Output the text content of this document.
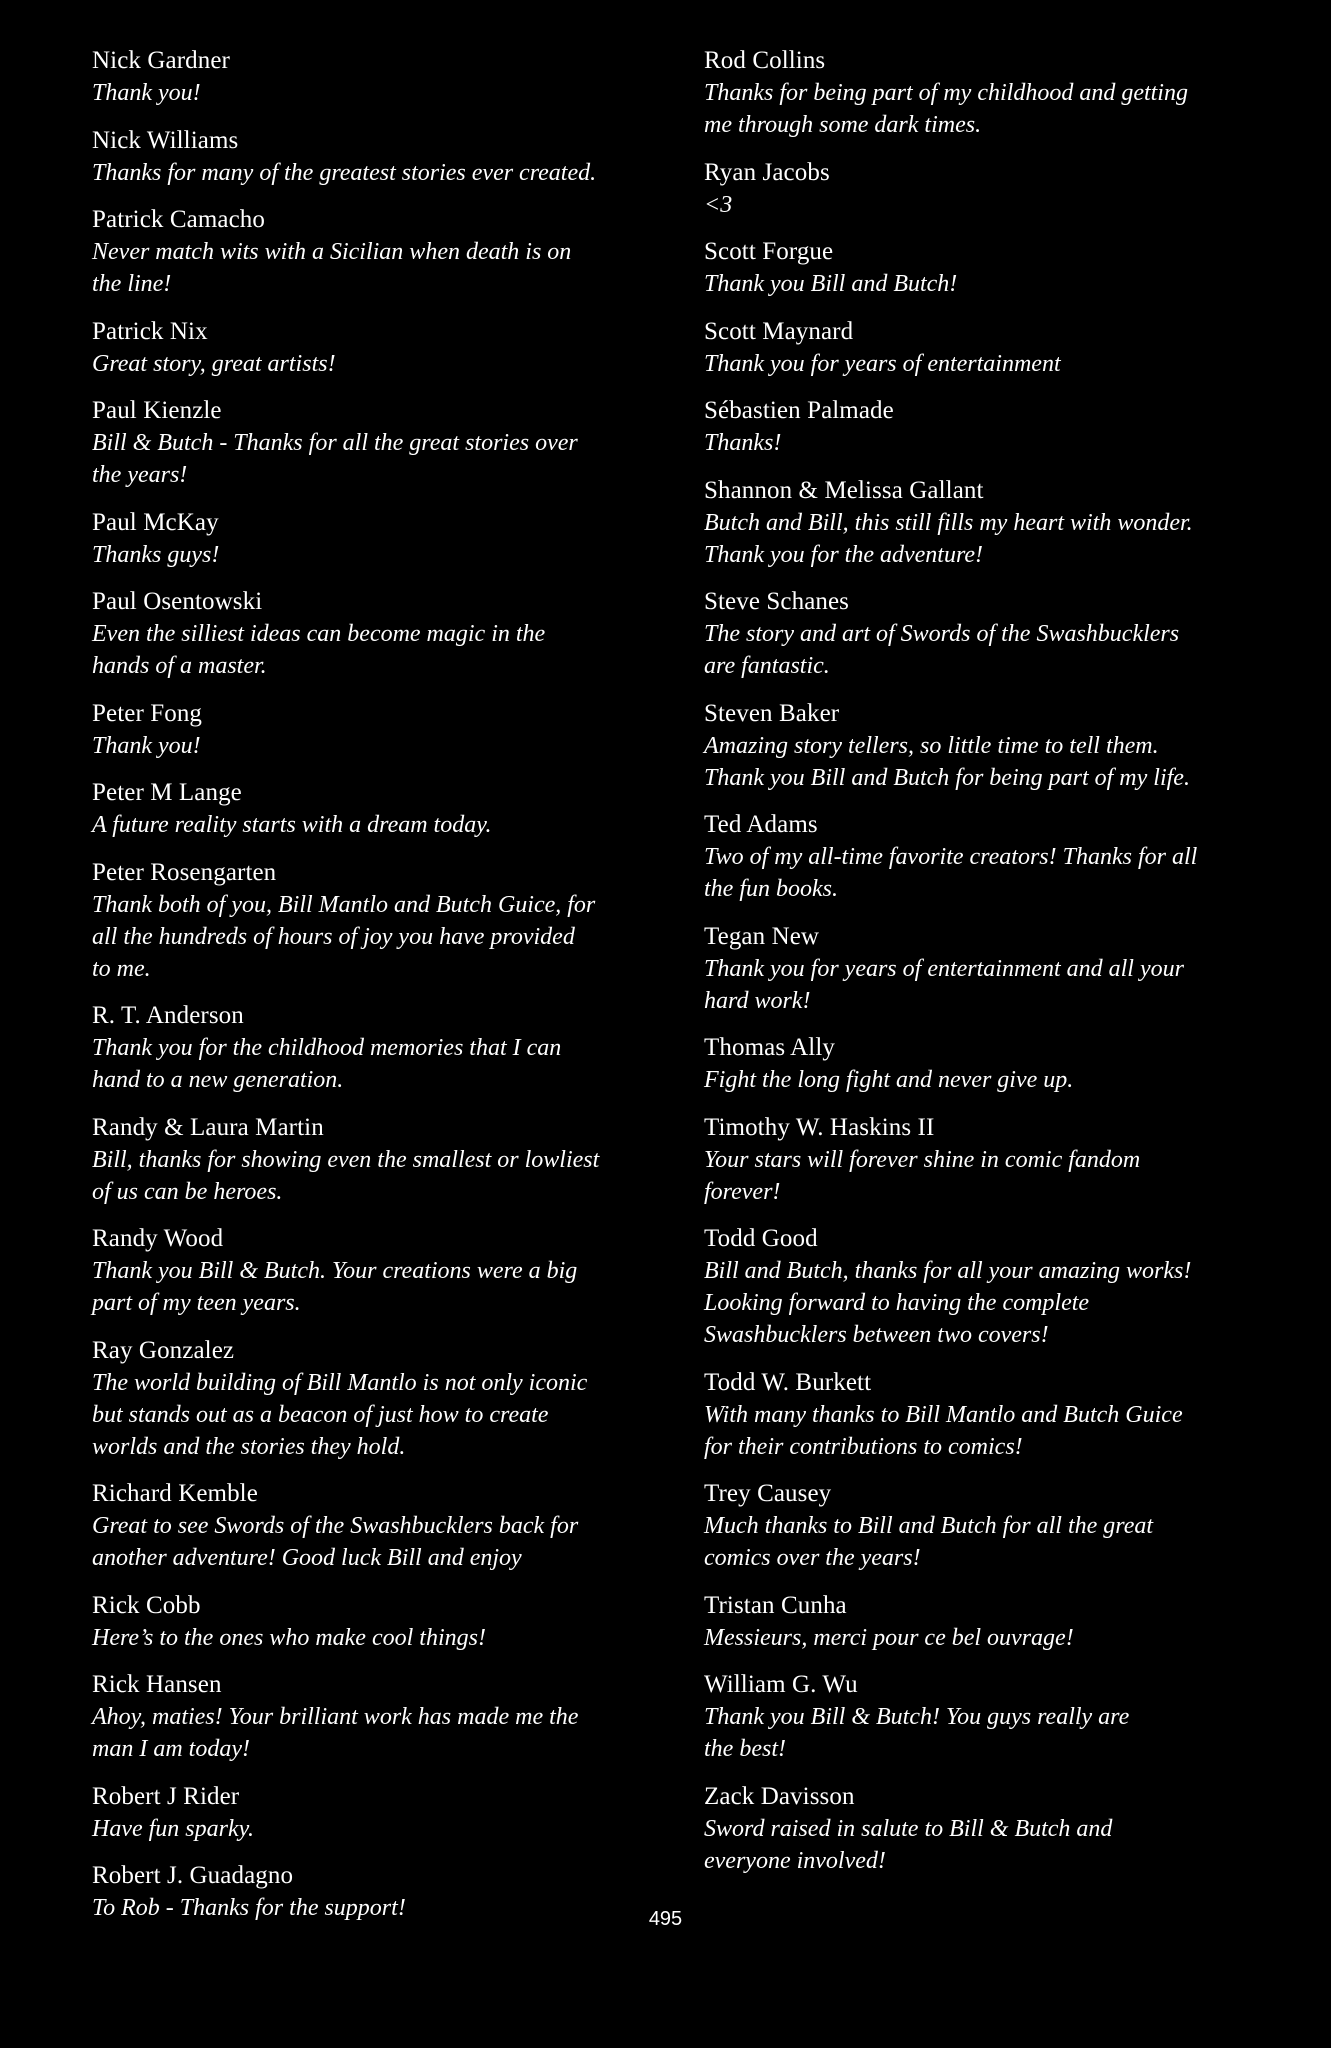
Nick Gardner
Thank you!
Nick Williams
Thanks for many of the greatest stories ever created.
Patrick Camacho
Never match wits with a Sicilian when death is on
the line!
Patrick Nix
Great story, great artists!
Paul Kienzle
Bill & Butch - Thanks for all the great stories over
the years!
Paul McKay
Thanks guys!
Paul Osentowski
Even the silliest ideas can become magic in the
hands of a master.
Peter Fong
Thank you!
Peter M Lange
A future reality starts with a dream today.
Peter Rosengarten
Thank both of you, Bill Mantlo and Butch Guice, for
all the hundreds of hours of joy you have provided
to me.
R. T. Anderson
Thank you for the childhood memories that I can
hand to a new generation.
Randy & Laura Martin
Bill, thanks for showing even the smallest or lowliest
of us can be heroes.
Randy Wood
Thank you Bill & Butch. Your creations were a big
part of my teen years.
Ray Gonzalez
The world building of Bill Mantlo is not only iconic
but stands out as a beacon of just how to create
worlds and the stories they hold.
Richard Kemble
Great to see Swords of the Swashbucklers back for
another adventure! Good luck Bill and enjoy
Rick Cobb
Here’s to the ones who make cool things!
Rick Hansen
Ahoy, maties! Your brilliant work has made me the
man I am today!
Robert J Rider
Have fun sparky.
Robert J. Guadagno
To Rob - Thanks for the support!
Rod Collins
Thanks for being part of my childhood and getting
me through some dark times.
Ryan Jacobs
<3
Scott Forgue
Thank you Bill and Butch!
Scott Maynard
Thank you for years of entertainment
Sébastien Palmade
Thanks!
Shannon & Melissa Gallant
Butch and Bill, this still fills my heart with wonder.
Thank you for the adventure!
Steve Schanes
The story and art of Swords of the Swashbucklers
are fantastic.
Steven Baker
Amazing story tellers, so little time to tell them.
Thank you Bill and Butch for being part of my life.
Ted Adams
Two of my all-time favorite creators! Thanks for all
the fun books.
Tegan New
Thank you for years of entertainment and all your
hard work!
Thomas Ally
Fight the long fight and never give up.
Timothy W. Haskins II
Your stars will forever shine in comic fandom
forever!
Todd Good
Bill and Butch, thanks for all your amazing works!
Looking forward to having the complete
Swashbucklers between two covers!
Todd W. Burkett
With many thanks to Bill Mantlo and Butch Guice
for their contributions to comics!
Trey Causey
Much thanks to Bill and Butch for all the great
comics over the years!
Tristan Cunha
Messieurs, merci pour ce bel ouvrage!
William G. Wu
Thank you Bill & Butch! You guys really are
the best!
Zack Davisson
Sword raised in salute to Bill & Butch and
everyone involved!
495
